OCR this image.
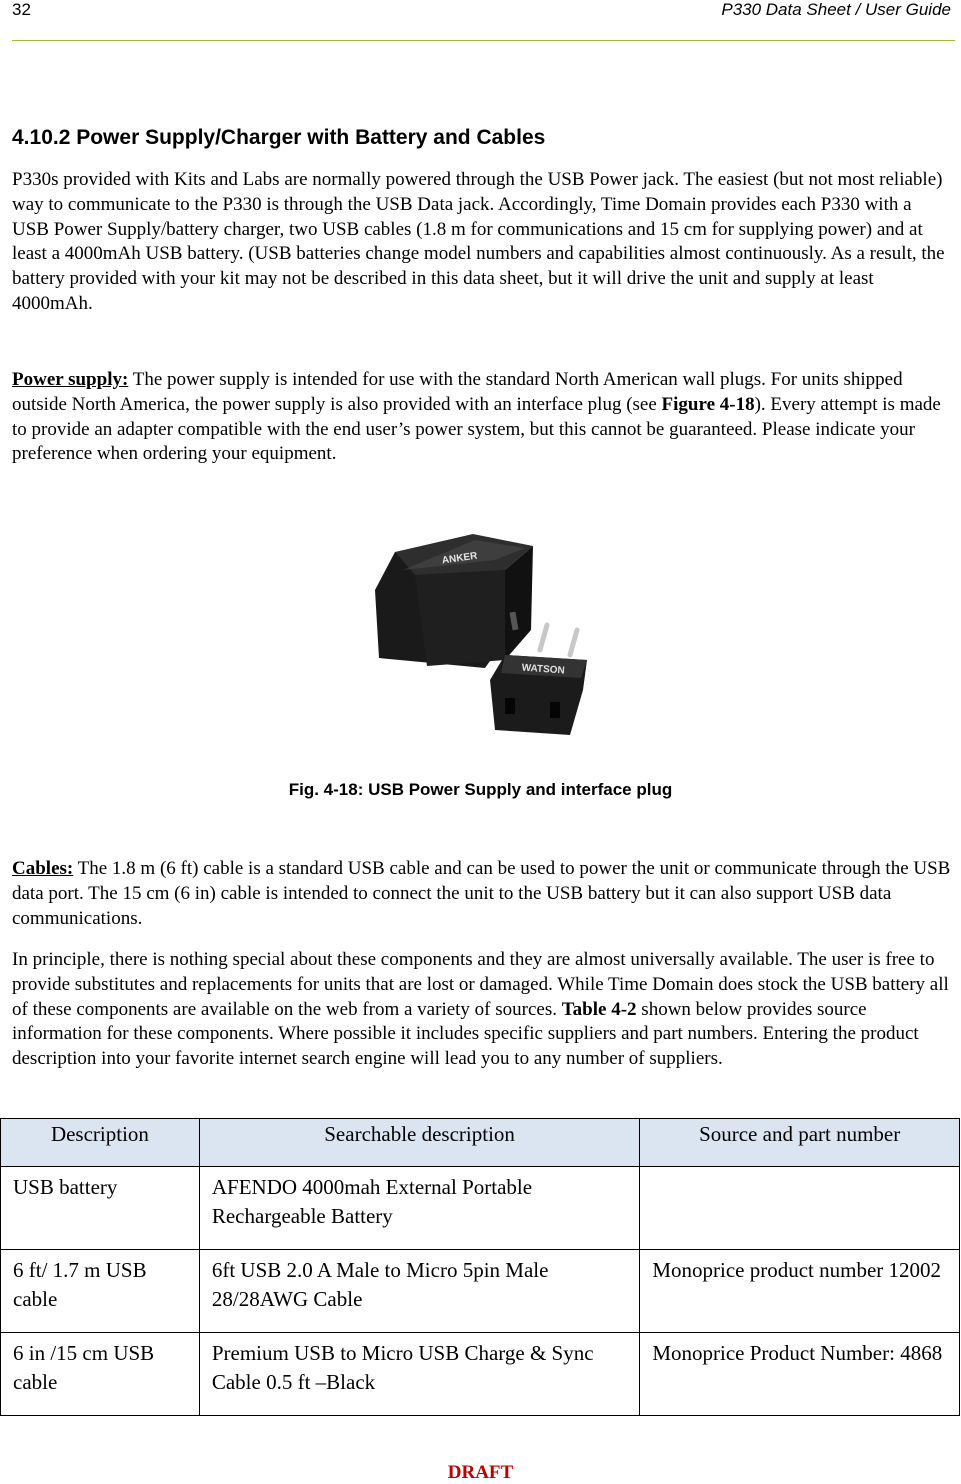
32	P330 Data Sheet / User Guide
4.10.2 Power Supply/Charger with Battery and Cables

P330s provided with Kits and Labs are normally powered through the USB Power jack. The easiest (but not most reliable) way to communicate to the P330 is through the USB Data jack. Accordingly, Time Domain provides each P330 with a USB Power Supply/battery charger, two USB cables (1.8 m for communications and 15 cm for supplying power) and at least a 4000mAh USB battery. (USB batteries change model numbers and capabilities almost continuously. As a result, the battery provided with your kit may not be described in this data sheet, but it will drive the unit and supply at least 4000mAh.

Power supply: The power supply is intended for use with the standard North American wall plugs. For units shipped outside North America, the power supply is also provided with an interface plug (see Figure 4-18). Every attempt is made to provide an adapter compatible with the end user’s power system, but this cannot be guaranteed. Please indicate your preference when ordering your equipment.

ANKER
WATSON
Fig. 4-18: USB Power Supply and interface plug

Cables: The 1.8 m (6 ft) cable is a standard USB cable and can be used to power the unit or communicate through the USB data port. The 15 cm (6 in) cable is intended to connect the unit to the USB battery but it can also support USB data communications.

In principle, there is nothing special about these components and they are almost universally available. The user is free to provide substitutes and replacements for units that are lost or damaged. While Time Domain does stock the USB battery all of these components are available on the web from a variety of sources. Table 4-2 shown below provides source information for these components. Where possible it includes specific suppliers and part numbers. Entering the product description into your favorite internet search engine will lead you to any number of suppliers.

Description	Searchable description	Source and part number
USB battery	AFENDO 4000mah External Portable Rechargeable Battery	
6 ft/ 1.7 m USB cable	6ft USB 2.0 A Male to Micro 5pin Male 28/28AWG Cable	Monoprice product number 12002
6 in /15 cm USB cable	Premium USB to Micro USB Charge & Sync Cable 0.5 ft –Black	Monoprice Product Number: 4868
DRAFT
